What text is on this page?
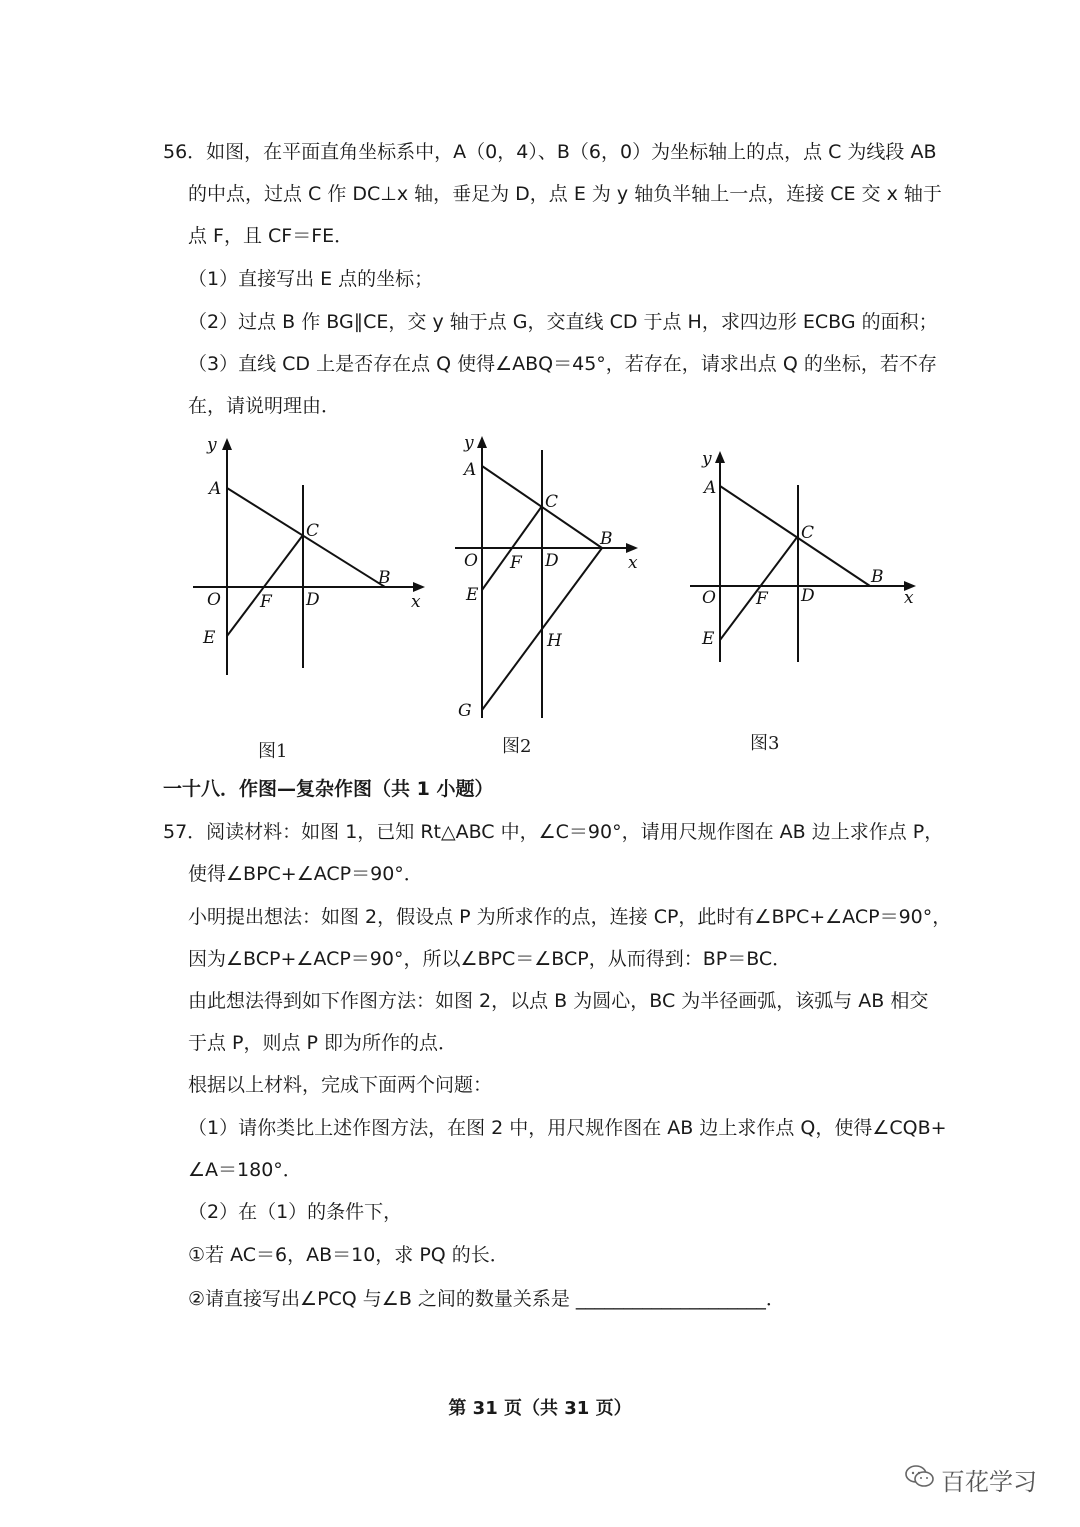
56．如图，在平面直角坐标系中，A（0，4）、B（6，0）为坐标轴上的点，点 C 为线段 AB
的中点，过点 C 作 DC⊥x 轴，垂足为 D，点 E 为 y 轴负半轴上一点，连接 CE 交 x 轴于
点 F，且 CF＝FE．
（1）直接写出 E 点的坐标；
（2）过点 B 作 BG∥CE，交 y 轴于点 G，交直线 CD 于点 H，求四边形 ECBG 的面积；
（3）直线 CD 上是否存在点 Q 使得∠ABQ＝45°，若存在，请求出点 Q 的坐标，若不存
在，请说明理由．
y
A
C
B
x
O F D
E
图1
y
A
C
B
x
O F D
E
H
G
图2
y
A
C
B
x
O F D
E
图3
一十八．作图—复杂作图（共 1 小题）
57．阅读材料：如图 1，已知 Rt△ABC 中，∠C＝90°，请用尺规作图在 AB 边上求作点 P，
使得∠BPC+∠ACP＝90°．
小明提出想法：如图 2，假设点 P 为所求作的点，连接 CP，此时有∠BPC+∠ACP＝90°，
因为∠BCP+∠ACP＝90°，所以∠BPC＝∠BCP，从而得到：BP＝BC．
由此想法得到如下作图方法：如图 2，以点 B 为圆心，BC 为半径画弧，该弧与 AB 相交
于点 P，则点 P 即为所作的点．
根据以上材料，完成下面两个问题：
（1）请你类比上述作图方法，在图 2 中，用尺规作图在 AB 边上求作点 Q，使得∠CQB+
∠A＝180°．
（2）在（1）的条件下，
①若 AC＝6，AB＝10，求 PQ 的长．
②请直接写出∠PCQ 与∠B 之间的数量关系是 ____________________．
第 31 页（共 31 页）
百花学习
